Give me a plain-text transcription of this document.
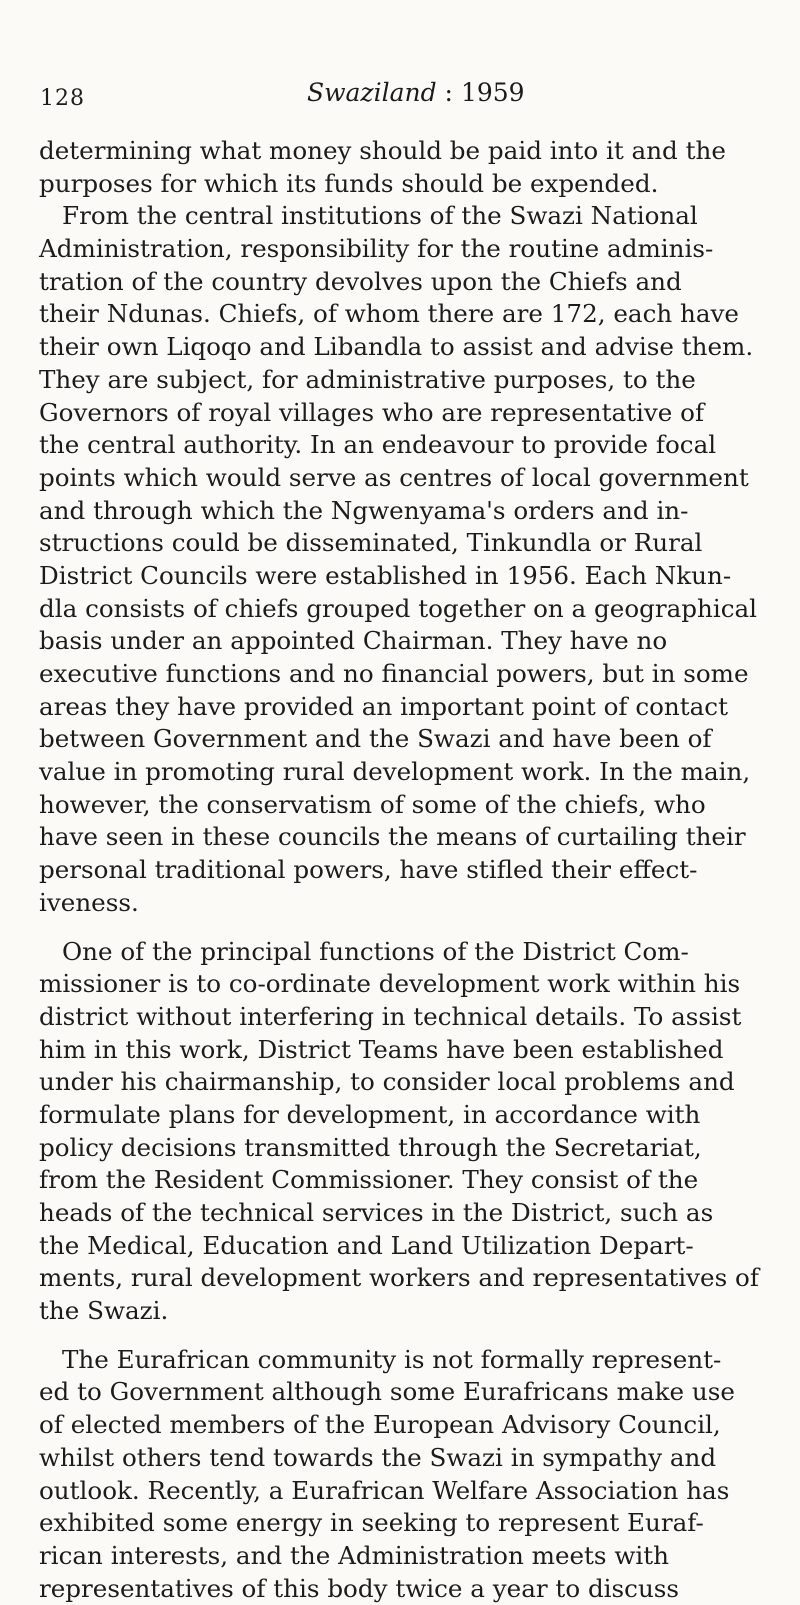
128	Swaziland : 1959
determining what money should be paid into it and the
purposes for which its funds should be expended.
From the central institutions of the Swazi National
Administration, responsibility for the routine adminis-
tration of the country devolves upon the Chiefs and
their Ndunas. Chiefs, of whom there are 172, each have
their own Liqoqo and Libandla to assist and advise them.
They are subject, for administrative purposes, to the
Governors of royal villages who are representative of
the central authority. In an endeavour to provide focal
points which would serve as centres of local government
and through which the Ngwenyama's orders and in-
structions could be disseminated, Tinkundla or Rural
District Councils were established in 1956. Each Nkun-
dla consists of chiefs grouped together on a geographical
basis under an appointed Chairman. They have no
executive functions and no financial powers, but in some
areas they have provided an important point of contact
between Government and the Swazi and have been of
value in promoting rural development work. In the main,
however, the conservatism of some of the chiefs, who
have seen in these councils the means of curtailing their
personal traditional powers, have stifled their effect-
iveness.
One of the principal functions of the District Com-
missioner is to co-ordinate development work within his
district without interfering in technical details. To assist
him in this work, District Teams have been established
under his chairmanship, to consider local problems and
formulate plans for development, in accordance with
policy decisions transmitted through the Secretariat,
from the Resident Commissioner. They consist of the
heads of the technical services in the District, such as
the Medical, Education and Land Utilization Depart-
ments, rural development workers and representatives of
the Swazi.
The Eurafrican community is not formally represent-
ed to Government although some Eurafricans make use
of elected members of the European Advisory Council,
whilst others tend towards the Swazi in sympathy and
outlook. Recently, a Eurafrican Welfare Association has
exhibited some energy in seeking to represent Euraf-
rican interests, and the Administration meets with
representatives of this body twice a year to discuss
